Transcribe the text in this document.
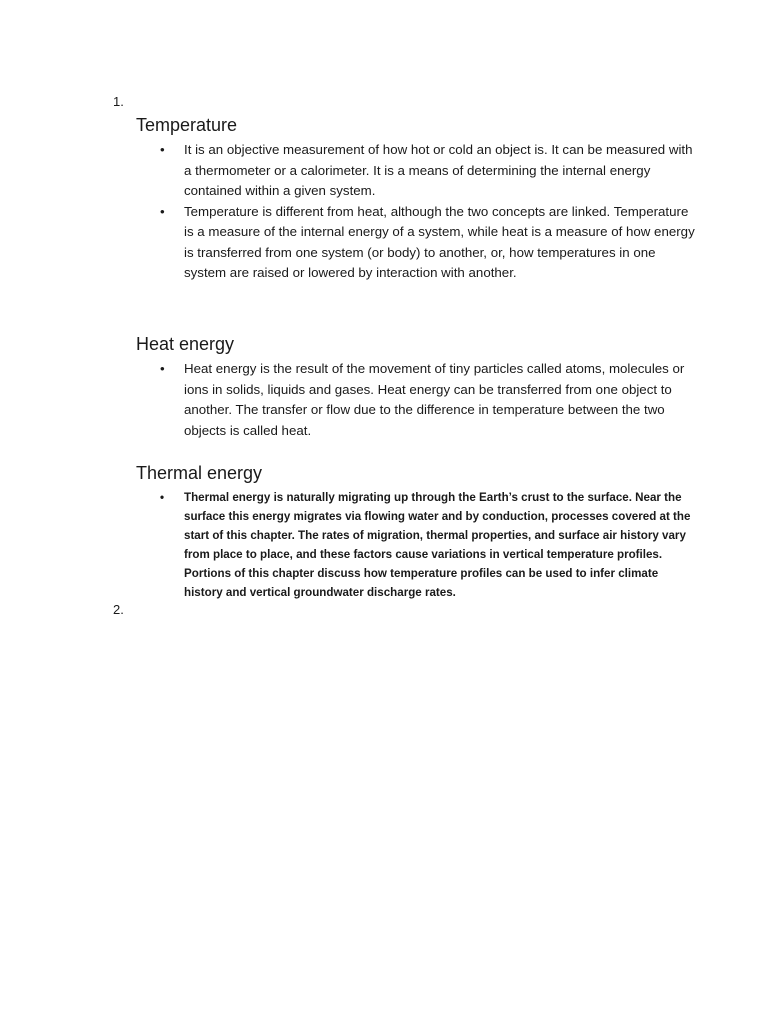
1.
Temperature
• It is an objective measurement of how hot or cold an object is. It can be measured with a thermometer or a calorimeter. It is a means of determining the internal energy contained within a given system.
• Temperature is different from heat, although the two concepts are linked. Temperature is a measure of the internal energy of a system, while heat is a measure of how energy is transferred from one system (or body) to another, or, how temperatures in one system are raised or lowered by interaction with another.
Heat energy
• Heat energy is the result of the movement of tiny particles called atoms, molecules or ions in solids, liquids and gases. Heat energy can be transferred from one object to another. The transfer or flow due to the difference in temperature between the two objects is called heat.
Thermal energy
• Thermal energy is naturally migrating up through the Earth’s crust to the surface. Near the surface this energy migrates via flowing water and by conduction, processes covered at the start of this chapter. The rates of migration, thermal properties, and surface air history vary from place to place, and these factors cause variations in vertical temperature profiles. Portions of this chapter discuss how temperature profiles can be used to infer climate history and vertical groundwater discharge rates.
2.
